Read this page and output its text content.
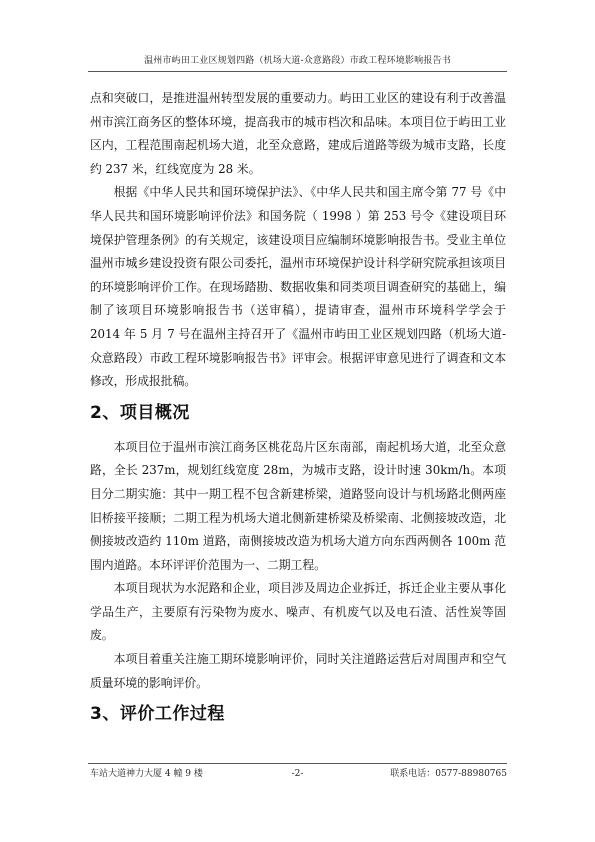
温州市屿田工业区规划四路（机场大道-众意路段）市政工程环境影响报告书

点和突破口，是推进温州转型发展的重要动力。屿田工业区的建设有利于改善温州市滨江商务区的整体环境，提高我市的城市档次和品味。本项目位于屿田工业区内，工程范围南起机场大道，北至众意路，建成后道路等级为城市支路，长度约 237 米，红线宽度为 28 米。

根据《中华人民共和国环境保护法》、《中华人民共和国主席令第 77 号《中华人民共和国环境影响评价法》和国务院（ 1998 ）第 253 号令《建设项目环境保护管理条例》的有关规定，该建设项目应编制环境影响报告书。受业主单位温州市城乡建设投资有限公司委托，温州市环境保护设计科学研究院承担该项目的环境影响评价工作。在现场踏勘、数据收集和同类项目调查研究的基础上，编制了该项目环境影响报告书（送审稿），提请审查，温州市环境科学学会于 2014 年 5 月 7 号在温州主持召开了《温州市屿田工业区规划四路（机场大道-众意路段）市政工程环境影响报告书》评审会。根据评审意见进行了调查和文本修改，形成报批稿。

2、项目概况

本项目位于温州市滨江商务区桃花岛片区东南部，南起机场大道，北至众意路，全长 237m，规划红线宽度 28m，为城市支路，设计时速 30km/h。本项目分二期实施：其中一期工程不包含新建桥梁，道路竖向设计与机场路北侧两座旧桥接平接顺；二期工程为机场大道北侧新建桥梁及桥梁南、北侧接坡改造，北侧接坡改造约 110m 道路，南侧接坡改造为机场大道方向东西两侧各 100m 范围内道路。本环评评价范围为一、二期工程。

本项目现状为水泥路和企业，项目涉及周边企业拆迁，拆迁企业主要从事化学品生产，主要原有污染物为废水、噪声、有机废气以及电石渣、活性炭等固废。

本项目着重关注施工期环境影响评价，同时关注道路运营后对周围声和空气质量环境的影响评价。

3、评价工作过程
车站大道神力大厦 4 幢 9 楼	-2-	联系电话：0577-88980765
